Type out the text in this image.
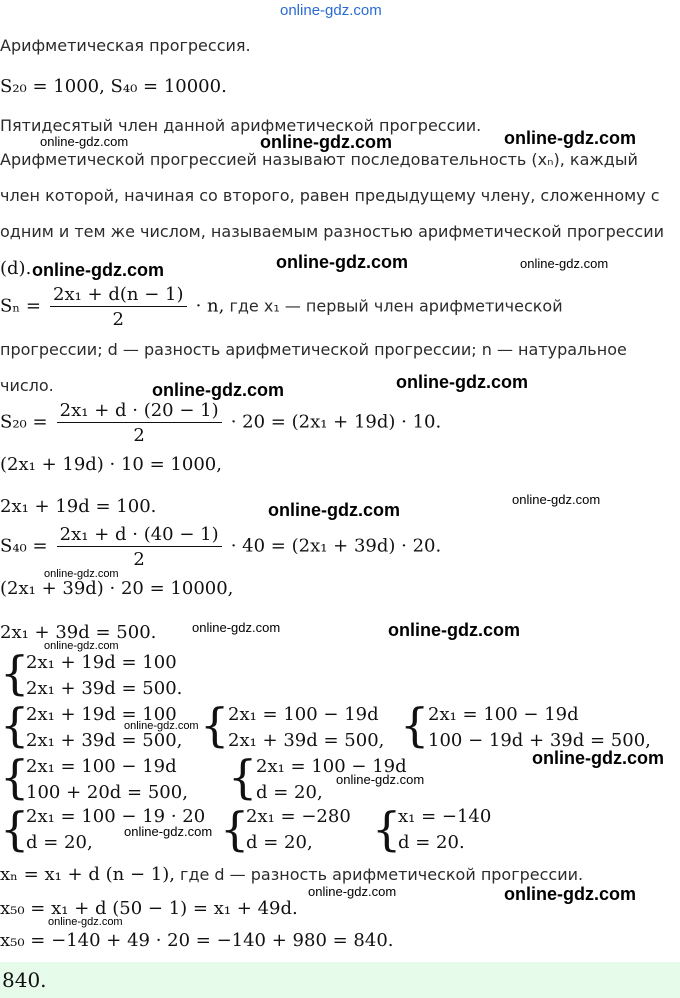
online-gdz.com
Арифметическая прогрессия.
S₂₀ = 1000, S₄₀ = 10000.
Пятидесятый член данной арифметической прогрессии.
Арифметической прогрессией называют последовательность (xₙ), каждый
член которой, начиная со второго, равен предыдущему члену, сложенному с
одним и тем же числом, называемым разностью арифметической прогрессии
(d).
$S_n = \frac{\text{2x₁ + d(n − 1)}}{2} \cdot n$, где x₁ — первый член арифметической
прогрессии; d — разность арифметической прогрессии; n — натуральное
число.
$S_{20} = \frac{\text{2x₁ + d · (20 − 1)}}{2} \cdot 20 = (2x_1 + 19d) \cdot 10$.
(2x₁ + 19d) · 10 = 1000,
2x₁ + 19d = 100.
$S_{40} = \frac{\text{2x₁ + d · (40 − 1)}}{2} \cdot 40 = (2x_1 + 39d) \cdot 20$.
(2x₁ + 39d) · 20 = 10000,
2x₁ + 39d = 500.
{
2x₁ + 19d = 100
2x₁ + 39d = 500.
{
2x₁ + 19d = 100
2x₁ + 39d = 500, {
2x₁ = 100 − 19d
2x₁ + 39d = 500, {
2x₁ = 100 − 19d
100 − 19d + 39d = 500,
{
2x₁ = 100 − 19d
100 + 20d = 500, {
2x₁ = 100 − 19d
d = 20,
{
2x₁ = 100 − 19 · 20
d = 20,	{
2x₁ = −280
d = 20, {
x₁ = −140
d = 20.
xₙ = x₁ + d (n − 1), где d — разность арифметической прогрессии.
x₅₀ = x₁ + d (50 − 1) = x₁ + 49d.
x₅₀ = −140 + 49 · 20 = −140 + 980 = 840.
840.
online-gdz.com	online-gdz.com	online-gdz.com
online-gdz.com	online-gdz.com	online-gdz.com
online-gdz.com	online-gdz.com
online-gdz.com
online-gdz.com
online-gdz.com
online-gdz.com	online-gdz.com
online-gdz.com
online-gdz.com
online-gdz.com
online-gdz.com
online-gdz.com
online-gdz.com	online-gdz.com
online-gdz.com
